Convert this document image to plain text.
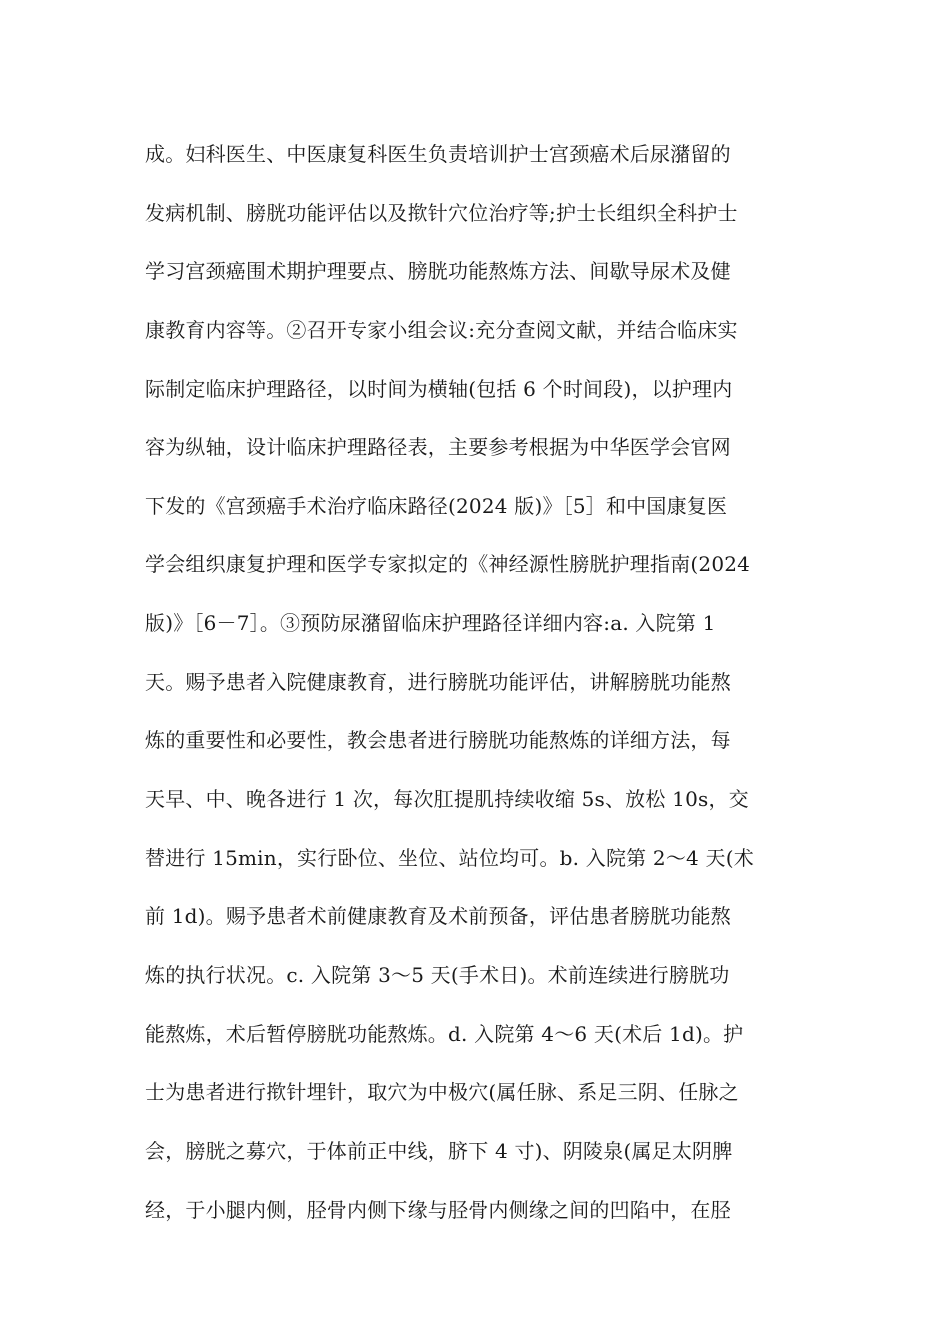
成。妇科医生、中医康复科医生负责培训护士宫颈癌术后尿潴留的
发病机制、膀胱功能评估以及揿针穴位治疗等;护士长组织全科护士
学习宫颈癌围术期护理要点、膀胱功能熬炼方法、间歇导尿术及健
康教育内容等。②召开专家小组会议:充分查阅文献，并结合临床实
际制定临床护理路径，以时间为横轴(包括 6 个时间段)，以护理内
容为纵轴，设计临床护理路径表，主要参考根据为中华医学会官网
下发的《宫颈癌手术治疗临床路径(2024 版)》［5］和中国康复医
学会组织康复护理和医学专家拟定的《神经源性膀胱护理指南(2024
版)》［6－7］。③预防尿潴留临床护理路径详细内容:a. 入院第 1
天。赐予患者入院健康教育，进行膀胱功能评估，讲解膀胱功能熬
炼的重要性和必要性，教会患者进行膀胱功能熬炼的详细方法，每
天早、中、晚各进行 1 次，每次肛提肌持续收缩 5s、放松 10s，交
替进行 15min，实行卧位、坐位、站位均可。b. 入院第 2～4 天(术
前 1d)。赐予患者术前健康教育及术前预备，评估患者膀胱功能熬
炼的执行状况。c. 入院第 3～5 天(手术日)。术前连续进行膀胱功
能熬炼，术后暂停膀胱功能熬炼。d. 入院第 4～6 天(术后 1d)。护
士为患者进行揿针埋针，取穴为中极穴(属任脉、系足三阴、任脉之
会，膀胱之募穴，于体前正中线，脐下 4 寸)、阴陵泉(属足太阴脾
经，于小腿内侧，胫骨内侧下缘与胫骨内侧缘之间的凹陷中，在胫
